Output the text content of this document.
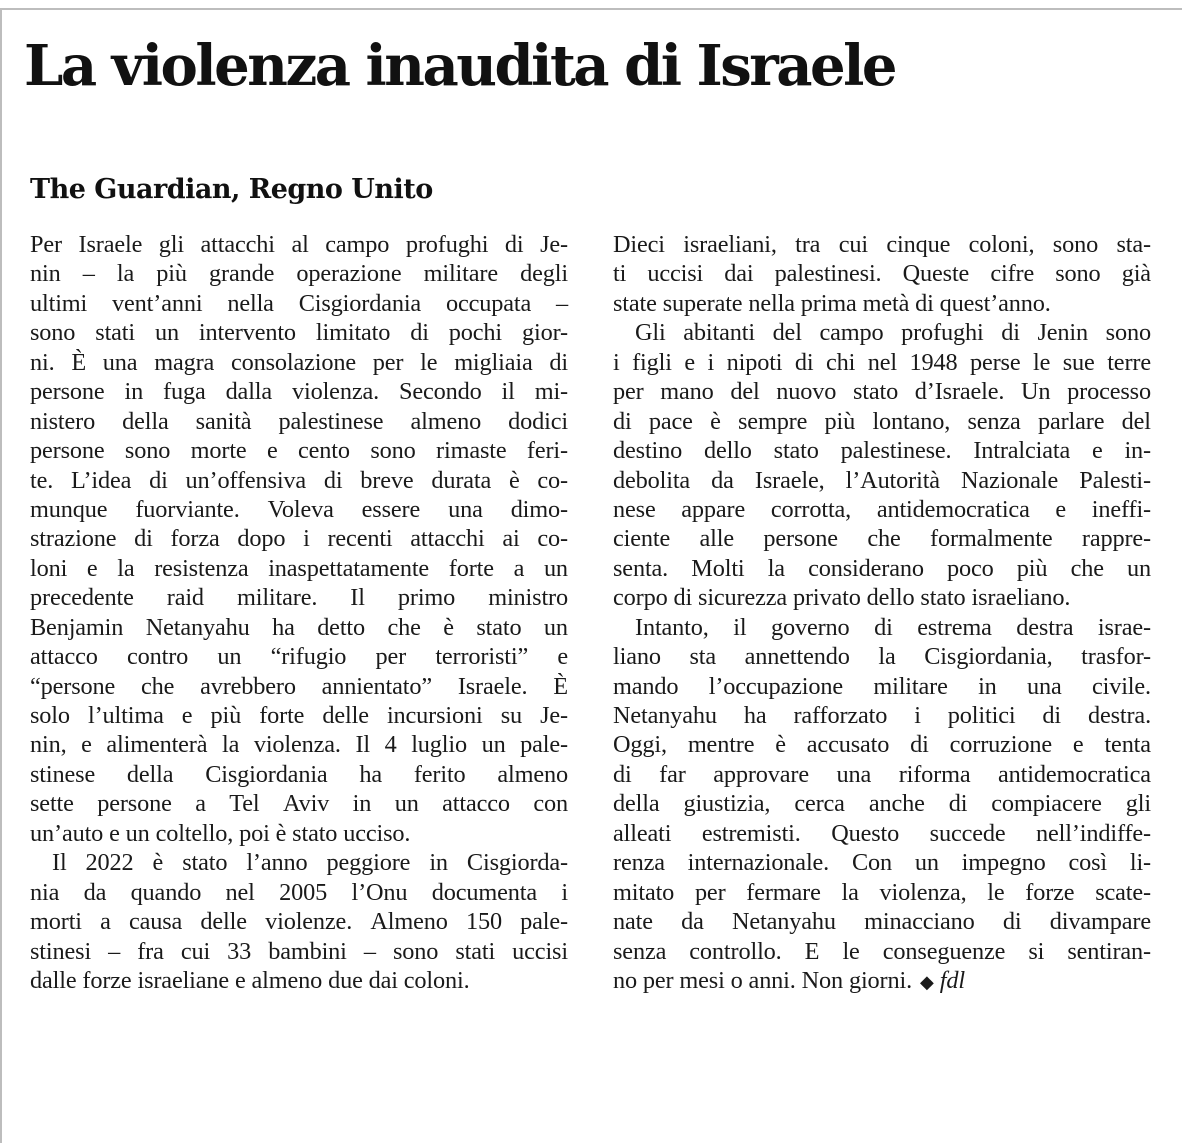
La violenza inaudita di Israele
The Guardian, Regno Unito
Per Israele gli attacchi al campo profughi di Je-
nin – la più grande operazione militare degli
ultimi vent’anni nella Cisgiordania occupata –
sono stati un intervento limitato di pochi gior-
ni. È una magra consolazione per le migliaia di
persone in fuga dalla violenza. Secondo il mi-
nistero della sanità palestinese almeno dodici
persone sono morte e cento sono rimaste feri-
te. L’idea di un’offensiva di breve durata è co-
munque fuorviante. Voleva essere una dimo-
strazione di forza dopo i recenti attacchi ai co-
loni e la resistenza inaspettatamente forte a un
precedente raid militare. Il primo ministro
Benjamin Netanyahu ha detto che è stato un
attacco contro un “rifugio per terroristi” e
“persone che avrebbero annientato” Israele. È
solo l’ultima e più forte delle incursioni su Je-
nin, e alimenterà la violenza. Il 4 luglio un pale-
stinese della Cisgiordania ha ferito almeno
sette persone a Tel Aviv in un attacco con
un’auto e un coltello, poi è stato ucciso.
Il 2022 è stato l’anno peggiore in Cisgiorda-
nia da quando nel 2005 l’Onu documenta i
morti a causa delle violenze. Almeno 150 pale-
stinesi – fra cui 33 bambini – sono stati uccisi
dalle forze israeliane e almeno due dai coloni.
Dieci israeliani, tra cui cinque coloni, sono sta-
ti uccisi dai palestinesi. Queste cifre sono già
state superate nella prima metà di quest’anno.
Gli abitanti del campo profughi di Jenin sono
i figli e i nipoti di chi nel 1948 perse le sue terre
per mano del nuovo stato d’Israele. Un processo
di pace è sempre più lontano, senza parlare del
destino dello stato palestinese. Intralciata e in-
debolita da Israele, l’Autorità Nazionale Palesti-
nese appare corrotta, antidemocratica e ineffi-
ciente alle persone che formalmente rappre-
senta. Molti la considerano poco più che un
corpo di sicurezza privato dello stato israeliano.
Intanto, il governo di estrema destra israe-
liano sta annettendo la Cisgiordania, trasfor-
mando l’occupazione militare in una civile.
Netanyahu ha rafforzato i politici di destra.
Oggi, mentre è accusato di corruzione e tenta
di far approvare una riforma antidemocratica
della giustizia, cerca anche di compiacere gli
alleati estremisti. Questo succede nell’indiffe-
renza internazionale. Con un impegno così li-
mitato per fermare la violenza, le forze scate-
nate da Netanyahu minacciano di divampare
senza controllo. E le conseguenze si sentiran-
no per mesi o anni. Non giorni. ◆ fdl
